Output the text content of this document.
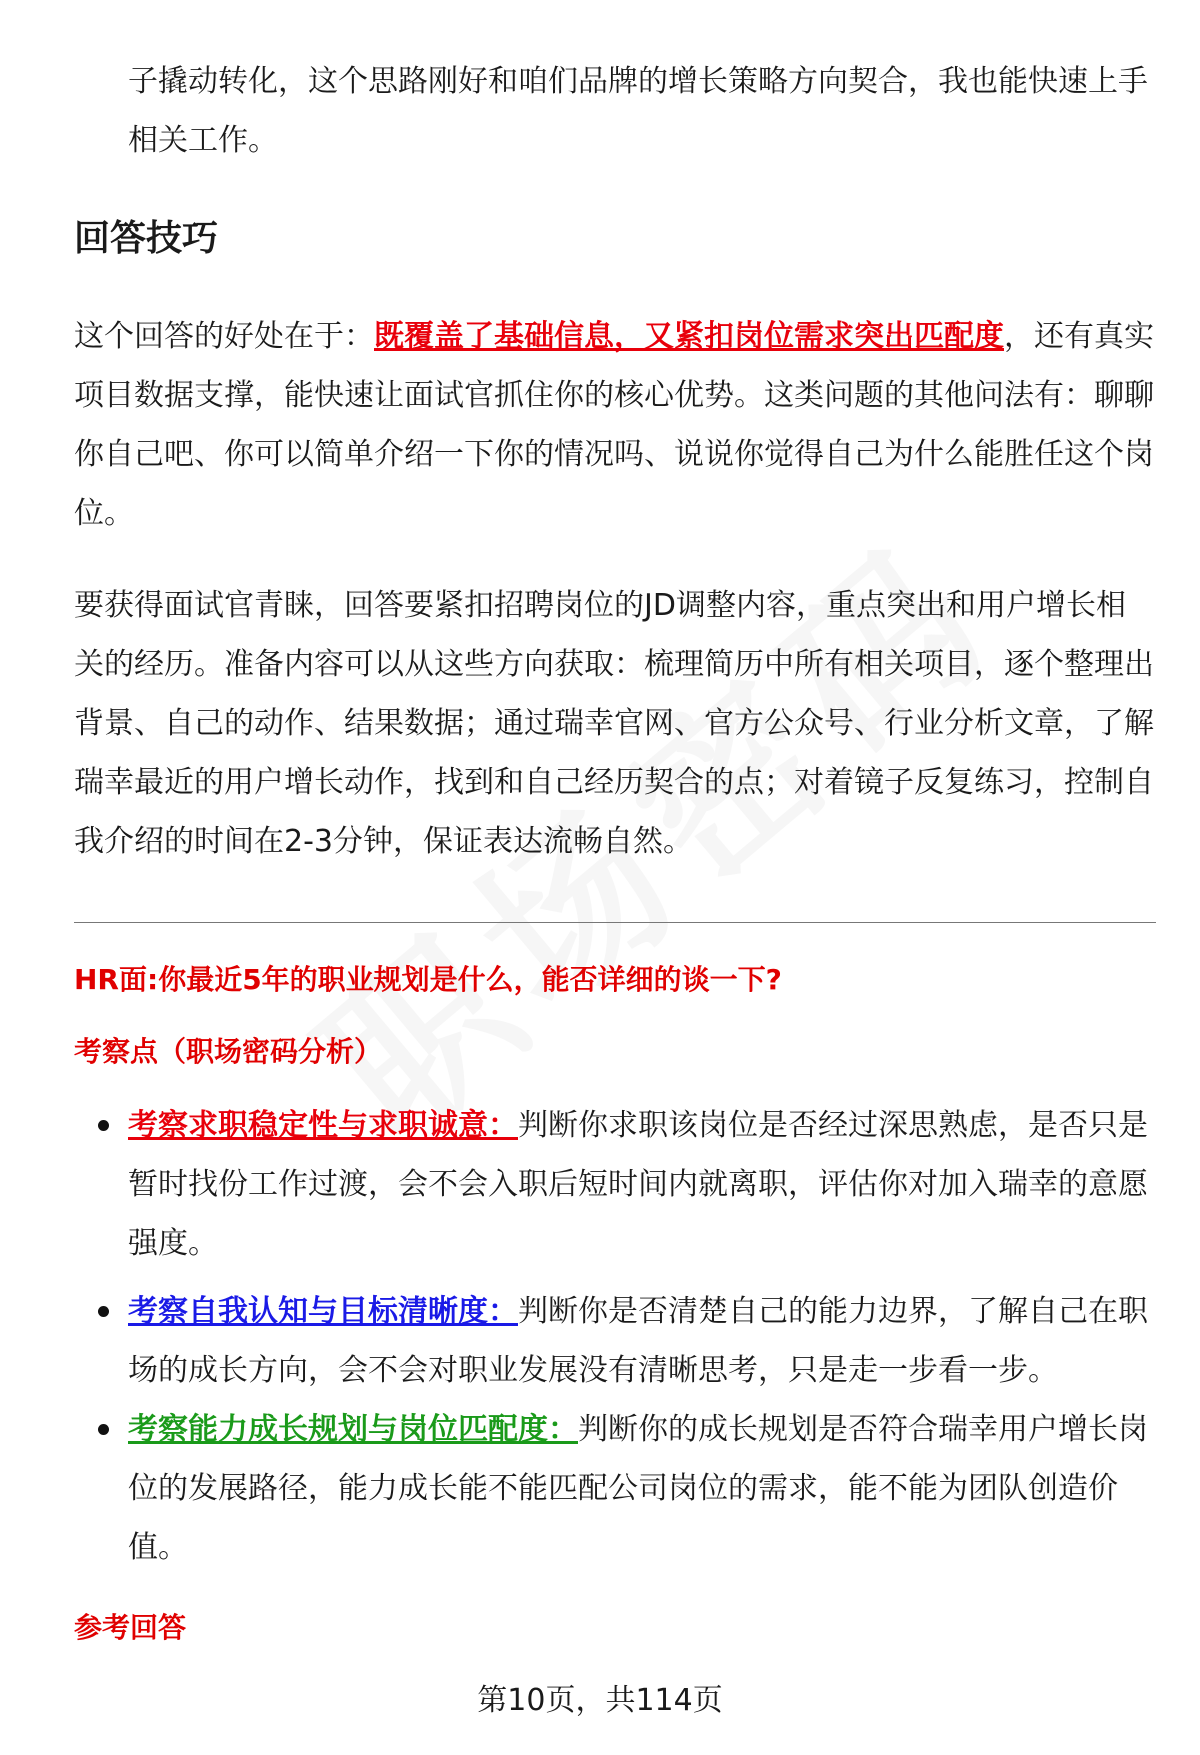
子撬动转化，这个思路刚好和咱们品牌的增长策略方向契合，我也能快速上手相关工作。

回答技巧

这个回答的好处在于：既覆盖了基础信息，又紧扣岗位需求突出匹配度，还有真实项目数据支撑，能快速让面试官抓住你的核心优势。这类问题的其他问法有：聊聊你自己吧、你可以简单介绍一下你的情况吗、说说你觉得自己为什么能胜任这个岗位。

要获得面试官青睐，回答要紧扣招聘岗位的JD调整内容，重点突出和用户增长相关的经历。准备内容可以从这些方向获取：梳理简历中所有相关项目，逐个整理出背景、自己的动作、结果数据；通过瑞幸官网、官方公众号、行业分析文章，了解瑞幸最近的用户增长动作，找到和自己经历契合的点；对着镜子反复练习，控制自我介绍的时间在2-3分钟，保证表达流畅自然。

HR面:你最近5年的职业规划是什么，能否详细的谈一下?
考察点（职场密码分析）

考察求职稳定性与求职诚意：判断你求职该岗位是否经过深思熟虑，是否只是暂时找份工作过渡，会不会入职后短时间内就离职，评估你对加入瑞幸的意愿强度。

考察自我认知与目标清晰度：判断你是否清楚自己的能力边界，了解自己在职场的成长方向，会不会对职业发展没有清晰思考，只是走一步看一步。

考察能力成长规划与岗位匹配度：判断你的成长规划是否符合瑞幸用户增长岗位的发展路径，能力成长能不能匹配公司岗位的需求，能不能为团队创造价值。

参考回答
第10页，共114页
